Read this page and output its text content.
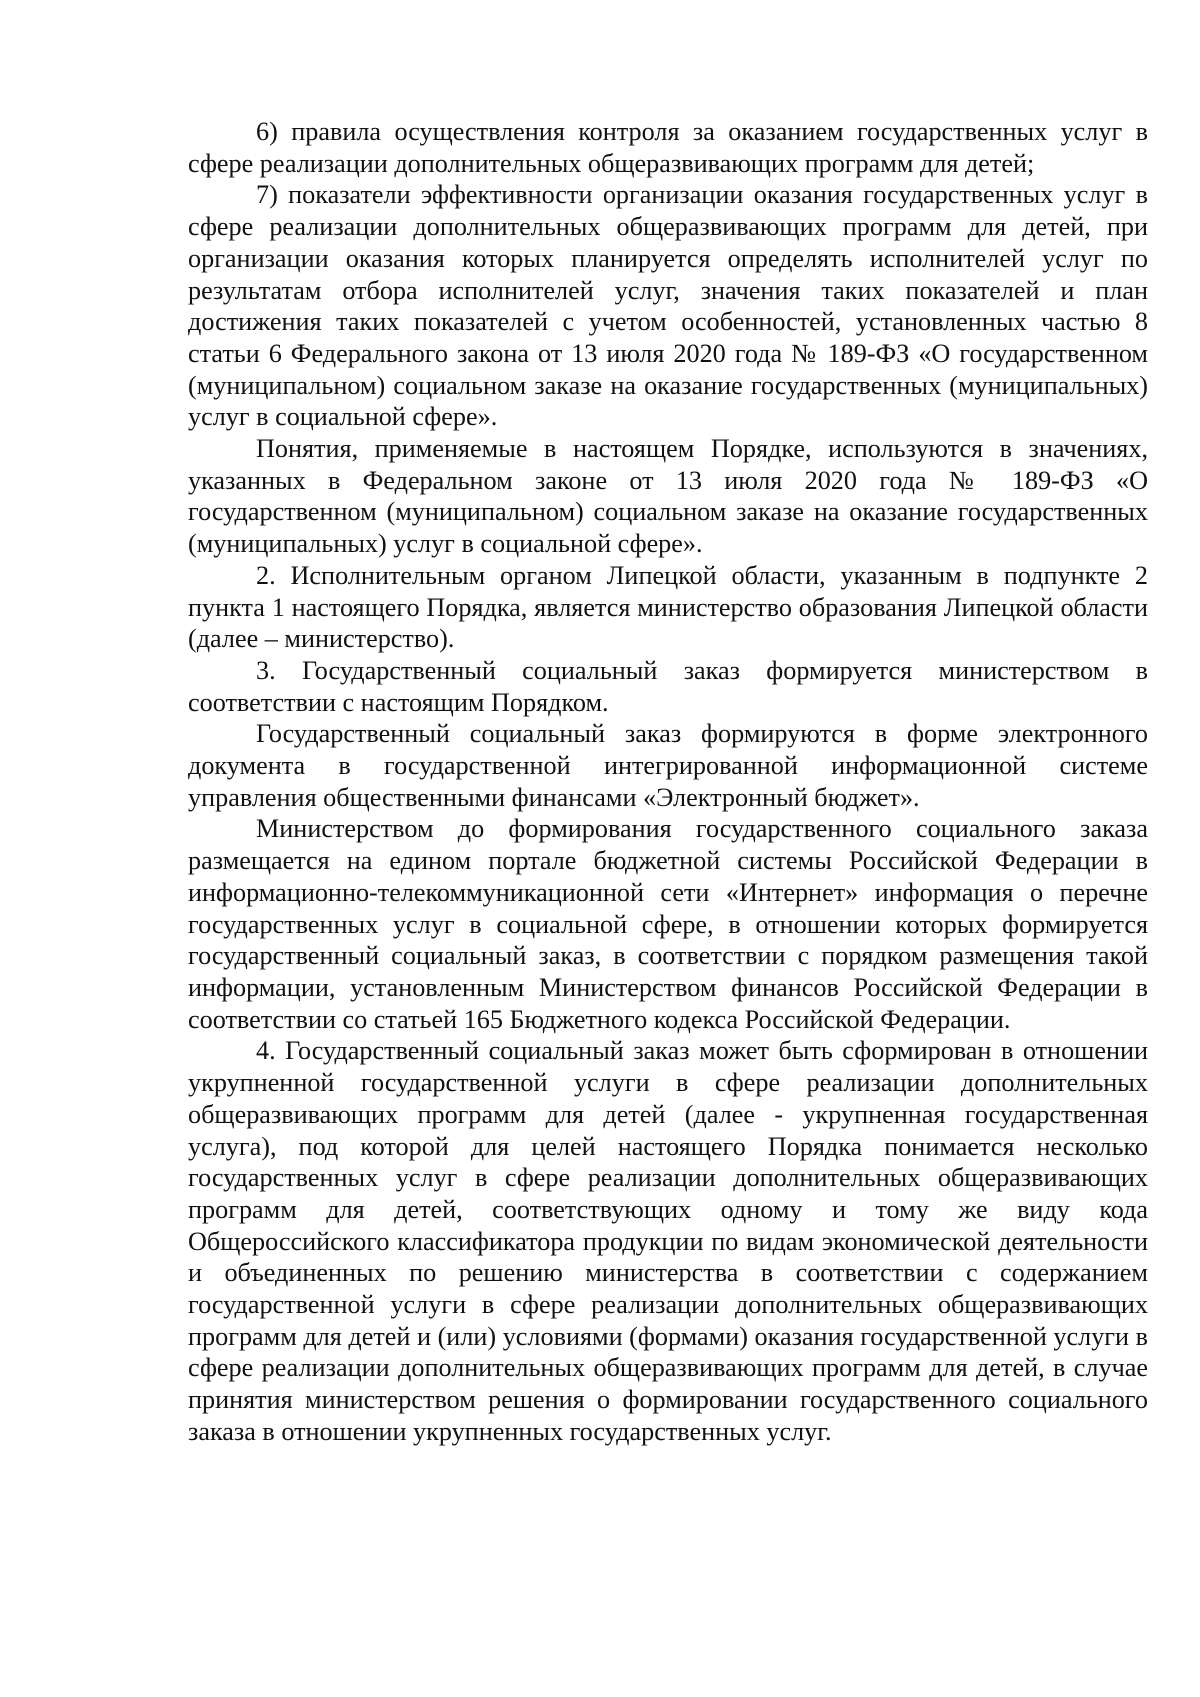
6) правила осуществления контроля за оказанием государственных услуг в сфере реализации дополнительных общеразвивающих программ для детей;

7) показатели эффективности организации оказания государственных услуг в сфере реализации дополнительных общеразвивающих программ для детей, при организации оказания которых планируется определять исполнителей услуг по результатам отбора исполнителей услуг, значения таких показателей и план достижения таких показателей с учетом особенностей, установленных частью 8 статьи 6 Федерального закона от 13 июля 2020 года № 189-ФЗ «О государственном (муниципальном) социальном заказе на оказание государственных (муниципальных) услуг в социальной сфере».

Понятия, применяемые в настоящем Порядке, используются в значениях, указанных в Федеральном законе от 13 июля 2020 года № 189-ФЗ «О государственном (муниципальном) социальном заказе на оказание государственных (муниципальных) услуг в социальной сфере».

2. Исполнительным органом Липецкой области, указанным в подпункте 2 пункта 1 настоящего Порядка, является министерство образования Липецкой области (далее – министерство).

3. Государственный социальный заказ формируется министерством в соответствии с настоящим Порядком.

Государственный социальный заказ формируются в форме электронного документа в государственной интегрированной информационной системе управления общественными финансами «Электронный бюджет».

Министерством до формирования государственного социального заказа размещается на едином портале бюджетной системы Российской Федерации в информационно-телекоммуникационной сети «Интернет» информация о перечне государственных услуг в социальной сфере, в отношении которых формируется государственный социальный заказ, в соответствии с порядком размещения такой информации, установленным Министерством финансов Российской Федерации в соответствии со статьей 165 Бюджетного кодекса Российской Федерации.

4. Государственный социальный заказ может быть сформирован в отношении укрупненной государственной услуги в сфере реализации дополнительных общеразвивающих программ для детей (далее - укрупненная государственная услуга), под которой для целей настоящего Порядка понимается несколько государственных услуг в сфере реализации дополнительных общеразвивающих программ для детей, соответствующих одному и тому же виду кода Общероссийского классификатора продукции по видам экономической деятельности и объединенных по решению министерства в соответствии с содержанием государственной услуги в сфере реализации дополнительных общеразвивающих программ для детей и (или) условиями (формами) оказания государственной услуги в сфере реализации дополнительных общеразвивающих программ для детей, в случае принятия министерством решения о формировании государственного социального заказа в отношении укрупненных государственных услуг.
